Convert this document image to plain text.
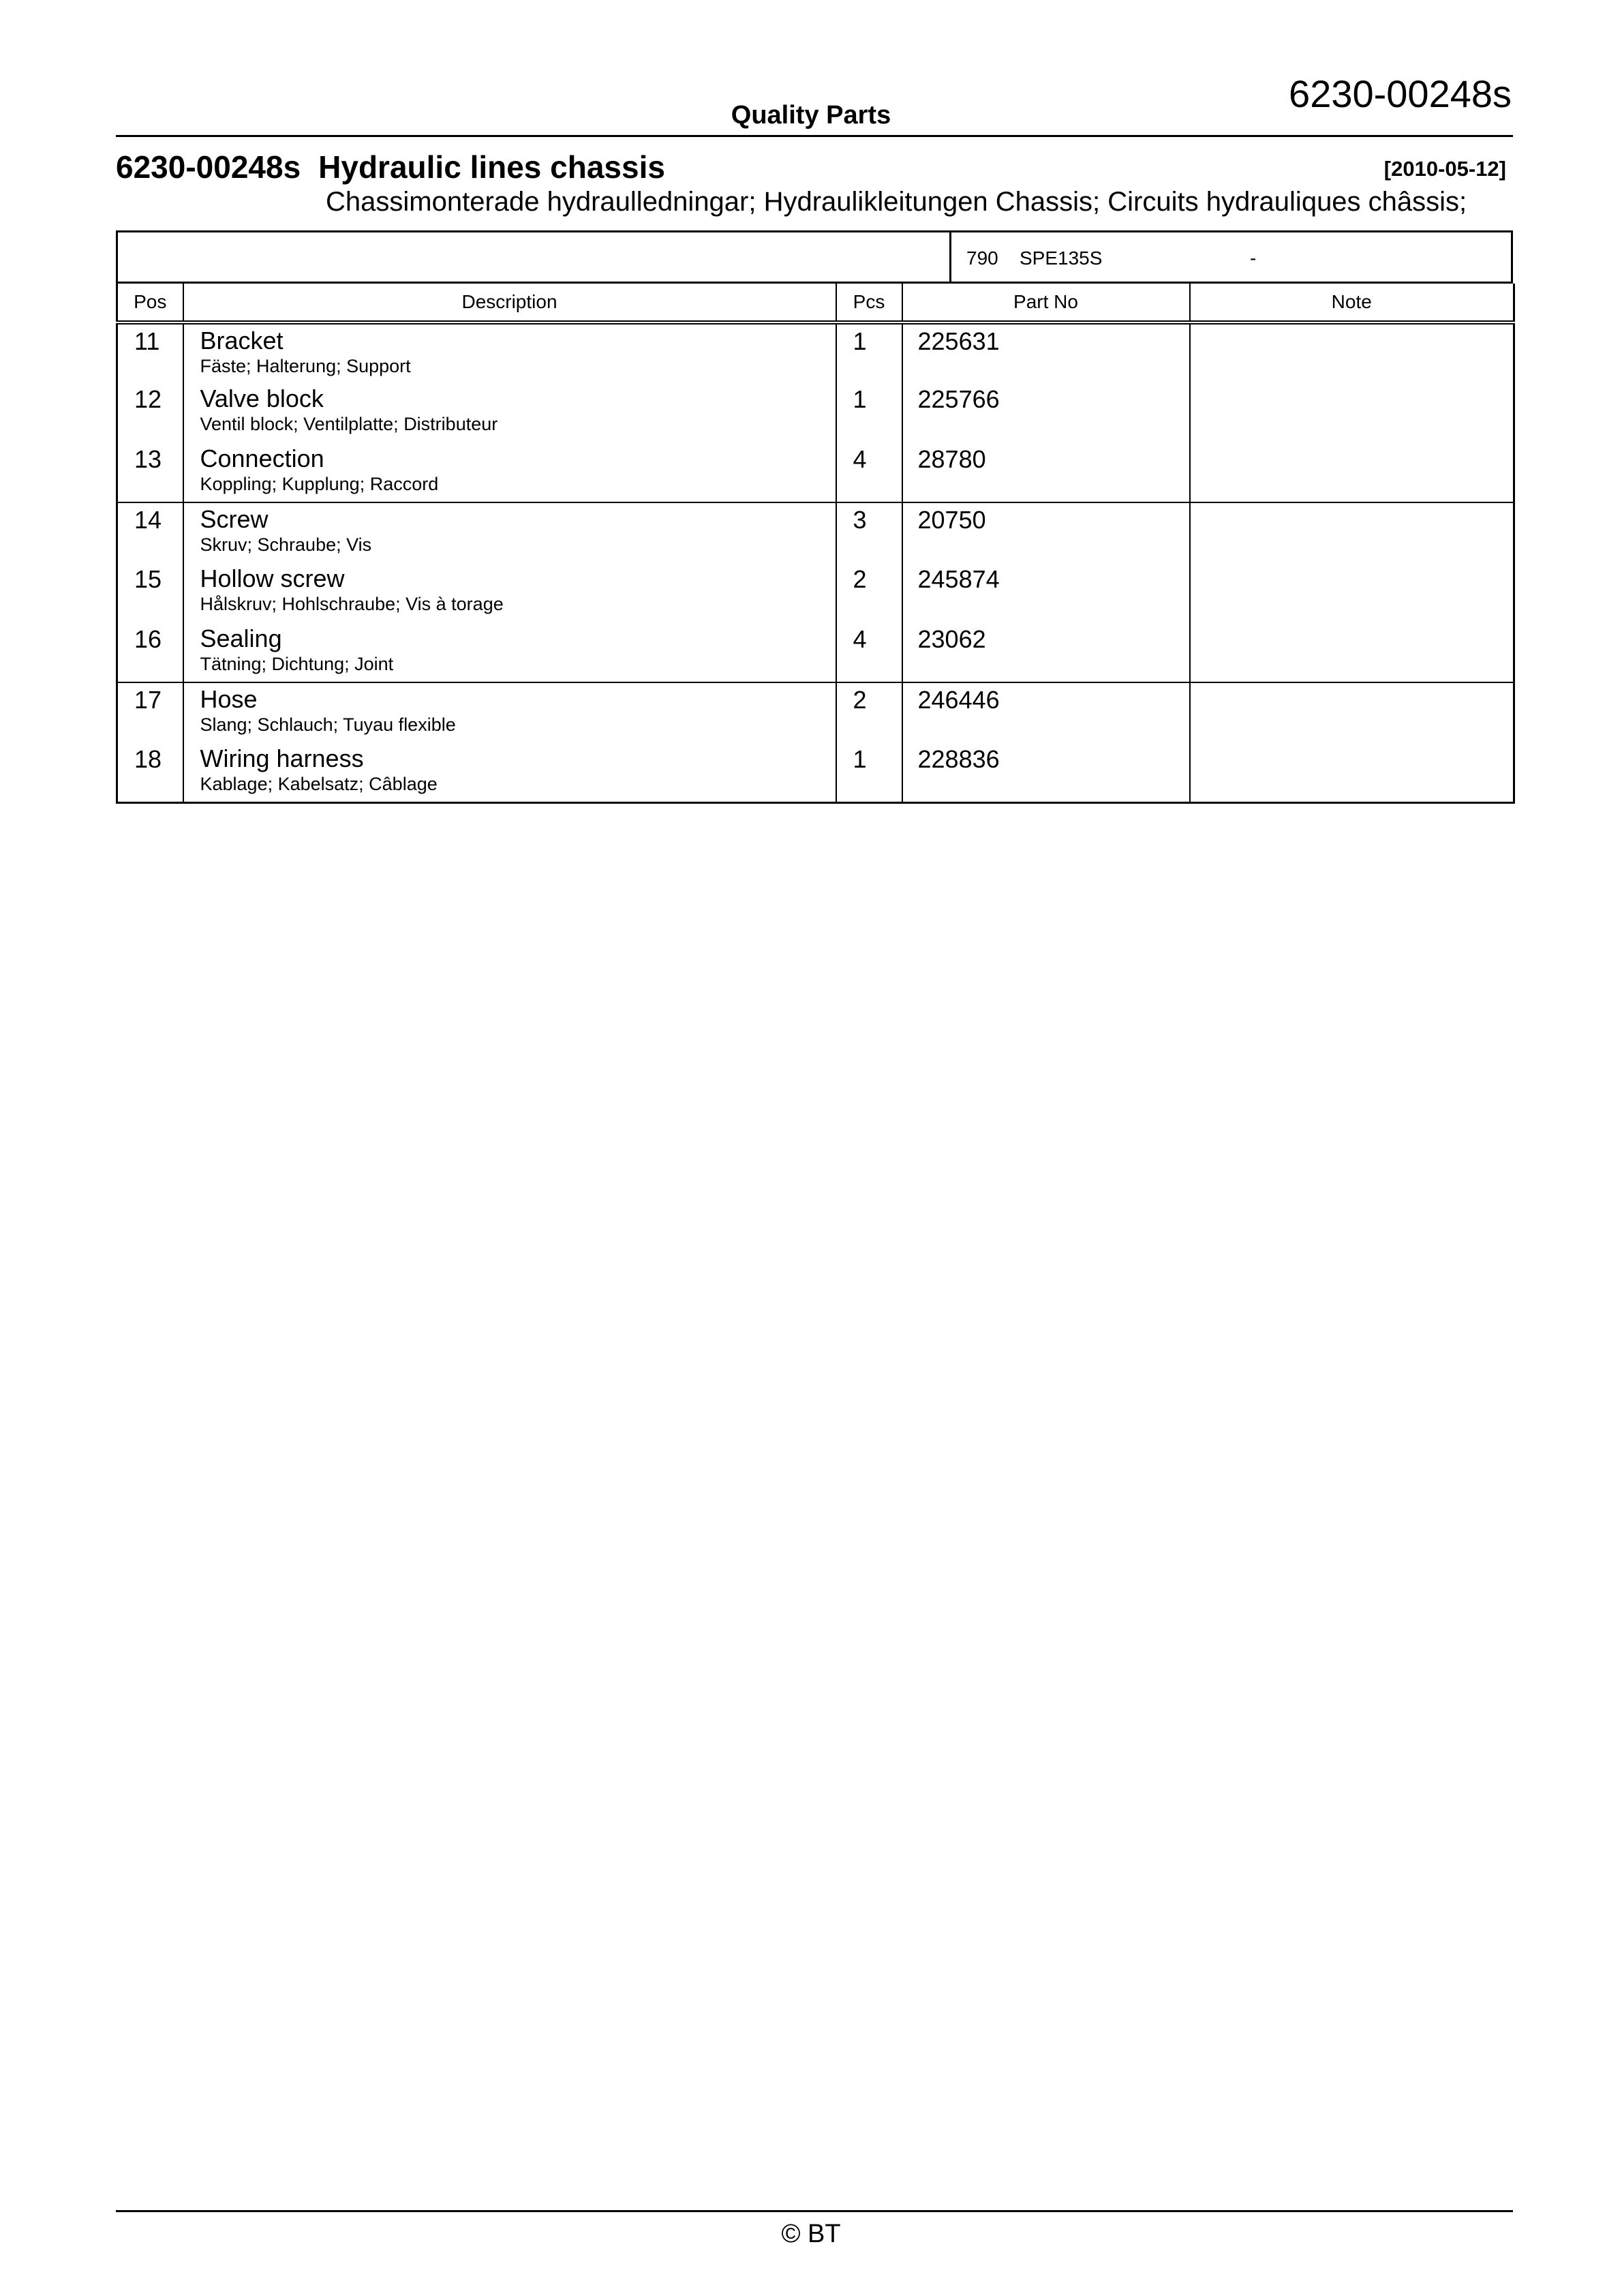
6230-00248s
Quality Parts
6230-00248s Hydraulic lines chassis	[2010-05-12]
Chassimonterade hydraulledningar; Hydraulikleitungen Chassis; Circuits hydrauliques châssis;
790 SPE135S	-
Pos	Description	Pcs	Part No	Note

11	Bracket
Fäste; Halterung; Support	1	225631	

12	Valve block
Ventil block; Ventilplatte; Distributeur	1	225766	

13	Connection
Koppling; Kupplung; Raccord	4	28780	

14	Screw
Skruv; Schraube; Vis	3	20750	

15	Hollow screw
Hålskruv; Hohlschraube; Vis à torage	2	245874	

16	Sealing
Tätning; Dichtung; Joint	4	23062	

17	Hose
Slang; Schlauch; Tuyau flexible	2	246446	

18	Wiring harness
Kablage; Kabelsatz; Câblage	1	228836	

© BT
